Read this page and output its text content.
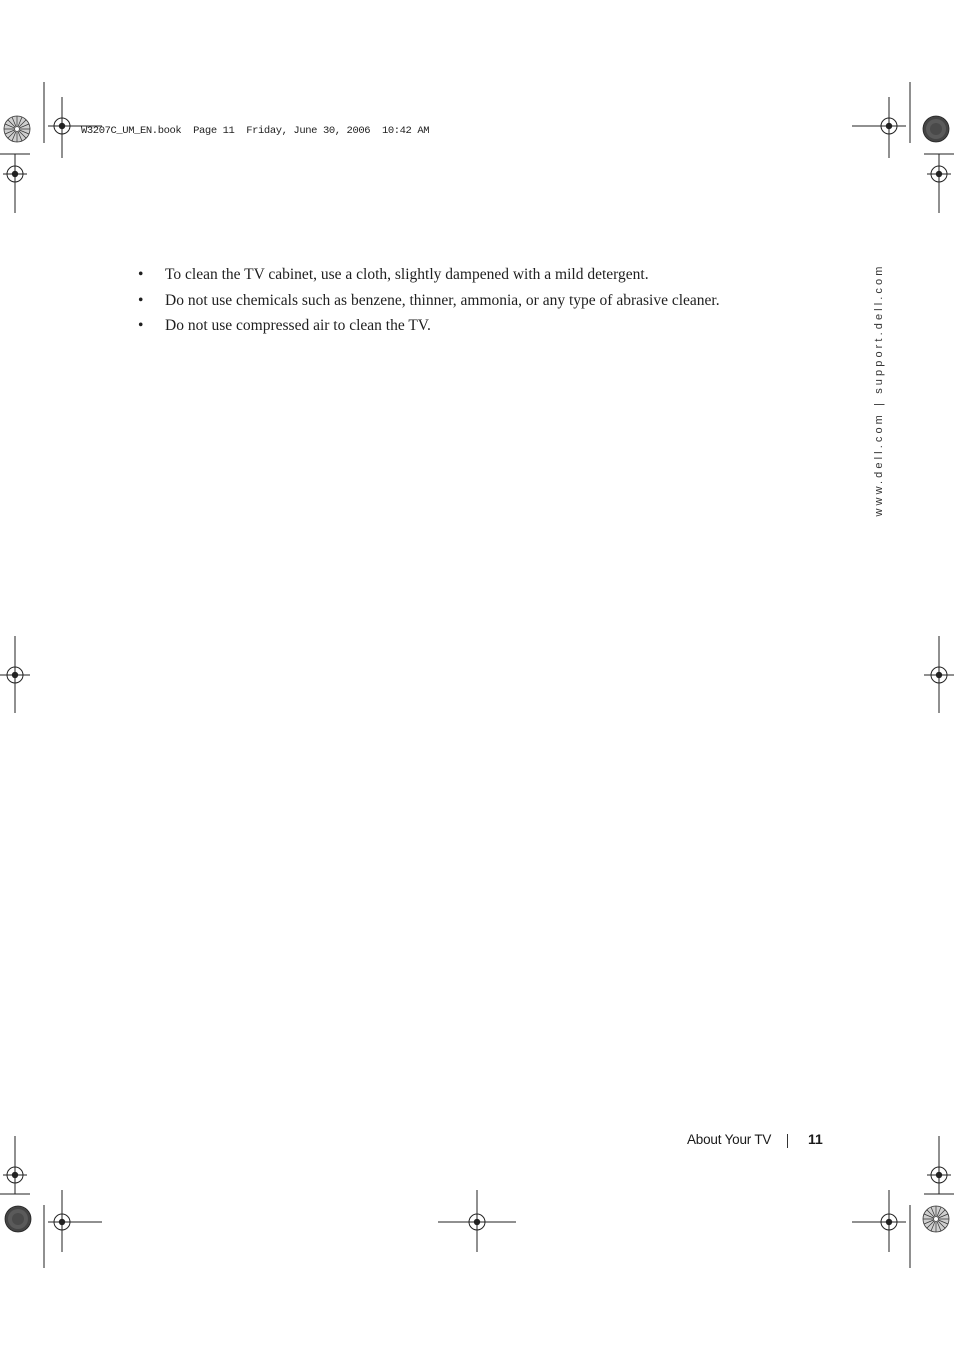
W3207C_UM_EN.book  Page 11  Friday, June 30, 2006  10:42 AM
• To clean the TV cabinet, use a cloth, slightly dampened with a mild detergent.
• Do not use chemicals such as benzene, thinner, ammonia, or any type of abrasive cleaner.
• Do not use compressed air to clean the TV.	www.dell.com | support.dell.com
About Your TV	11
